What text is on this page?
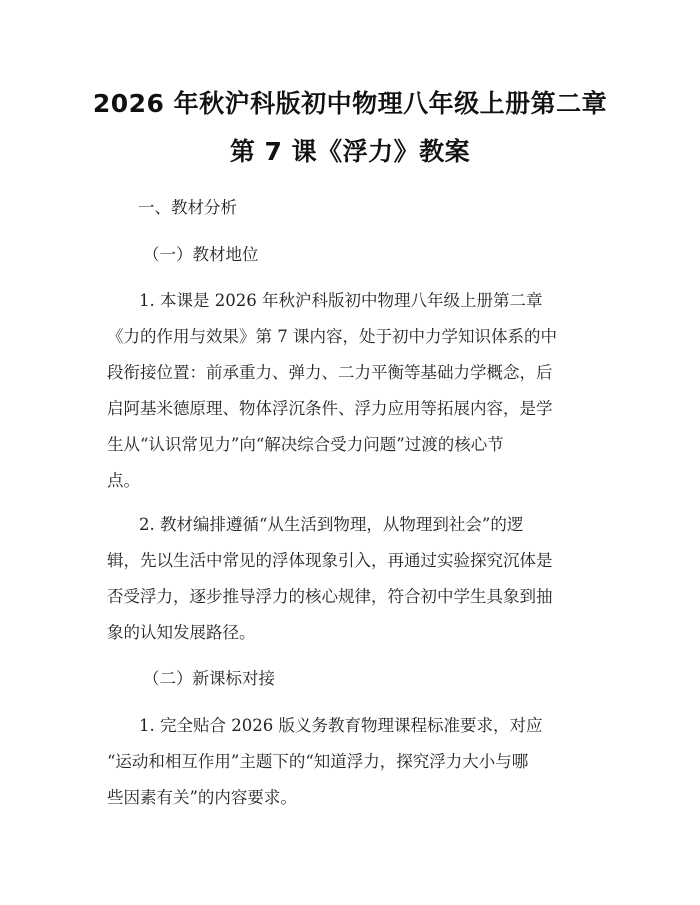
2026 年秋沪科版初中物理八年级上册第二章
第 7 课《浮力》教案
一、教材分析
（一）教材地位
1. 本课是 2026 年秋沪科版初中物理八年级上册第二章
《力的作用与效果》第 7 课内容，处于初中力学知识体系的中
段衔接位置：前承重力、弹力、二力平衡等基础力学概念，后
启阿基米德原理、物体浮沉条件、浮力应用等拓展内容，是学
生从“认识常见力”向“解决综合受力问题”过渡的核心节
点。
2. 教材编排遵循“从生活到物理，从物理到社会”的逻
辑，先以生活中常见的浮体现象引入，再通过实验探究沉体是
否受浮力，逐步推导浮力的核心规律，符合初中学生具象到抽
象的认知发展路径。
（二）新课标对接
1. 完全贴合 2026 版义务教育物理课程标准要求，对应
“运动和相互作用”主题下的“知道浮力，探究浮力大小与哪
些因素有关”的内容要求。
